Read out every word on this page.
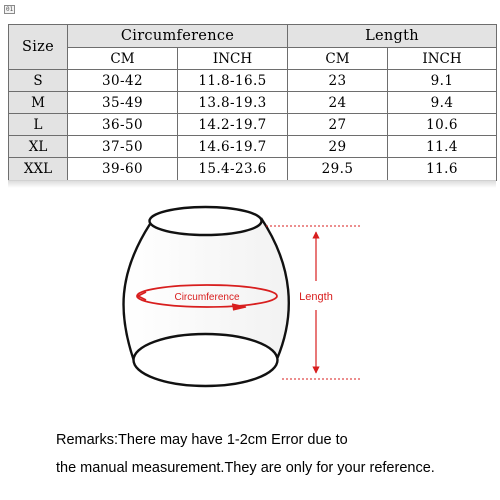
01
Size	Circumference		Length	
	CM	INCH	CM	INCH
S	30-42	11.8-16.5	23	9.1
M	35-49	13.8-19.3	24	9.4
L	36-50	14.2-19.7	27	10.6
XL	37-50	14.6-19.7	29	11.4
XXL	39-60	15.4-23.6	29.5	11.6
Circumference	Length
Remarks:There may have 1-2cm Error due to
the manual measurement.They are only for your reference.
